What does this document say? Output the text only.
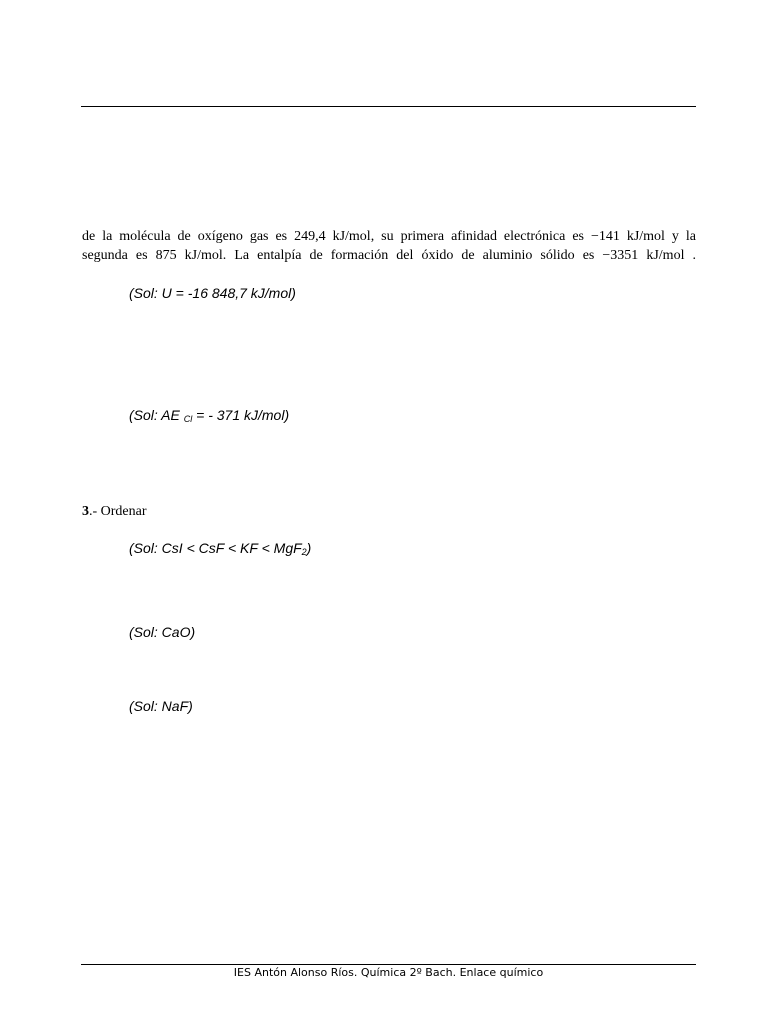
de la molécula de oxígeno gas es 249,4 kJ/mol, su primera afinidad electrónica es −141 kJ/mol y la
segunda es 875 kJ/mol. La entalpía de formación del óxido de aluminio sólido es −3351 kJ/mol .
(Sol: U = -16 848,7 kJ/mol)
(Sol: AE $_{Cl}$ = - 371 kJ/mol)
3.- Ordenar
(Sol: CsI < CsF < KF < MgF$_2$)
(Sol: CaO)
(Sol: NaF)
IES Antón Alonso Ríos. Química 2º Bach. Enlace químico
